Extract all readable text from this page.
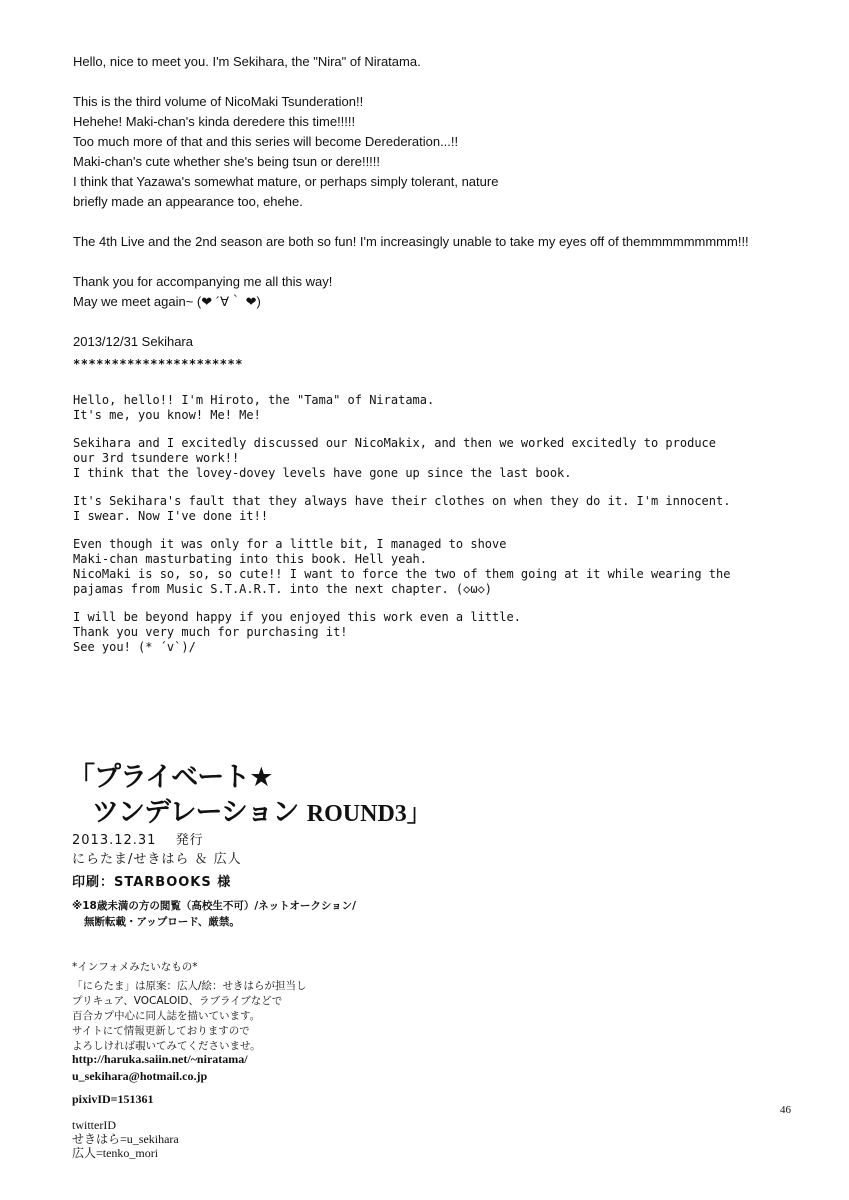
Hello, nice to meet you. I'm Sekihara, the "Nira" of Niratama.
This is the third volume of NicoMaki Tsunderation!!
Hehehe! Maki-chan's kinda deredere this time!!!!!
Too much more of that and this series will become Derederation...!!
Maki-chan's cute whether she's being tsun or dere!!!!!
I think that Yazawa's somewhat mature, or perhaps simply tolerant, nature
briefly made an appearance too, ehehe.
The 4th Live and the 2nd season are both so fun! I'm increasingly unable to take my eyes off of themmmmmmmmm!!!
Thank you for accompanying me all this way!
May we meet again~ (❤ ´∀｀ ❤)
2013/12/31 Sekihara
**********************
Hello, hello!! I'm Hiroto, the "Tama" of Niratama.
It's me, you know! Me! Me!
Sekihara and I excitedly discussed our NicoMakix, and then we worked excitedly to produce
our 3rd tsundere work!!
I think that the lovey-dovey levels have gone up since the last book.
It's Sekihara's fault that they always have their clothes on when they do it. I'm innocent.
I swear. Now I've done it!!
Even though it was only for a little bit, I managed to shove
Maki-chan masturbating into this book. Hell yeah.
NicoMaki is so, so, so cute!! I want to force the two of them going at it while wearing the
pajamas from Music S.T.A.R.T. into the next chapter. (◇ω◇)
I will be beyond happy if you enjoyed this work even a little.
Thank you very much for purchasing it!
See you! (* ´v`)/
「プライベート★
ツンデレーション ROUND3」
2013.12.31　 発行
にらたま/せきはら ＆ 広人
印刷：STARBOOKS 様
※18歳未満の方の閲覧（高校生不可）/ネットオークション/
無断転載・アップロード、厳禁。
*インフォメみたいなもの*
「にらたま」は原案：広人/絵：せきはらが担当し
プリキュア、VOCALOID、ラブライブなどで
百合カプ中心に同人誌を描いています。
サイトにて情報更新しておりますので
よろしければ覗いてみてくださいませ。
http://haruka.saiin.net/~niratama/
u_sekihara@hotmail.co.jp
pixivID=151361
twitterID
せきはら=u_sekihara
広人=tenko_mori
46
